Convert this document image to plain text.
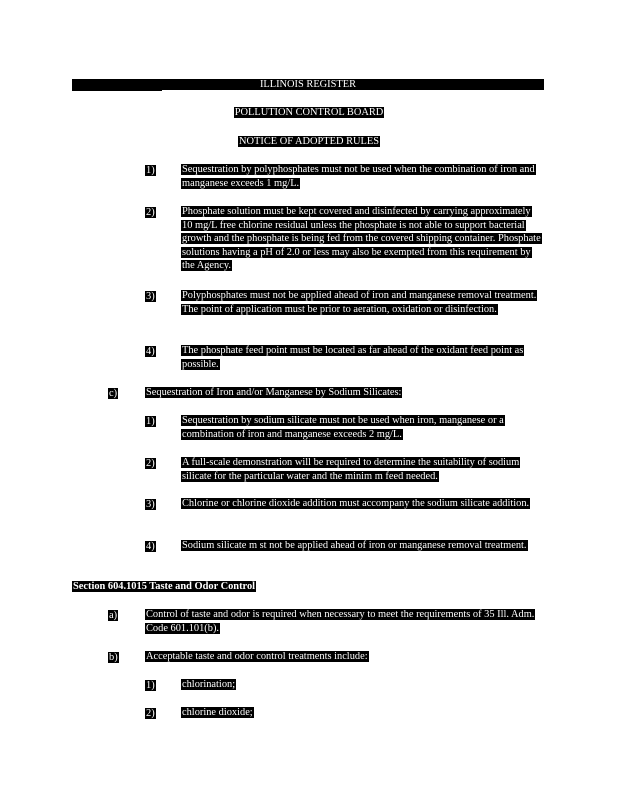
ILLINOIS REGISTER
POLLUTION CONTROL BOARD
NOTICE OF ADOPTED RULES
1)	Sequestration by polyphosphates must not be used when the combination of iron and manganese exceeds 1 mg/L.
2)	Phosphate solution must be kept covered and disinfected by carrying approximately 10 mg/L free chlorine residual unless the phosphate is not able to support bacterial growth and the phosphate is being fed from the covered shipping container. Phosphate solutions having a pH of 2.0 or less may also be exempted from this requirement by the Agency.
3)	Polyphosphates must not be applied ahead of iron and manganese removal treatment. The point of application must be prior to aeration, oxidation or disinfection.
4)	The phosphate feed point must be located as far ahead of the oxidant feed point as possible.
c)	Sequestration of Iron and/or Manganese by Sodium Silicates:
1)	Sequestration by sodium silicate must not be used when iron, manganese or a combination of iron and manganese exceeds 2 mg/L.
2)	A full-scale demonstration will be required to determine the suitability of sodium silicate for the particular water and the minim m feed needed.
3)	Chlorine or chlorine dioxide addition must accompany the sodium silicate addition.
4)	Sodium silicate m st not be applied ahead of iron or manganese removal treatment.
Section 604.1015 Taste and Odor Control
a)	Control of taste and odor is required when necessary to meet the requirements of 35 Ill. Adm. Code 601.101(b).
b)	Acceptable taste and odor control treatments include:
1)	chlorination;
2)	chlorine dioxide;
